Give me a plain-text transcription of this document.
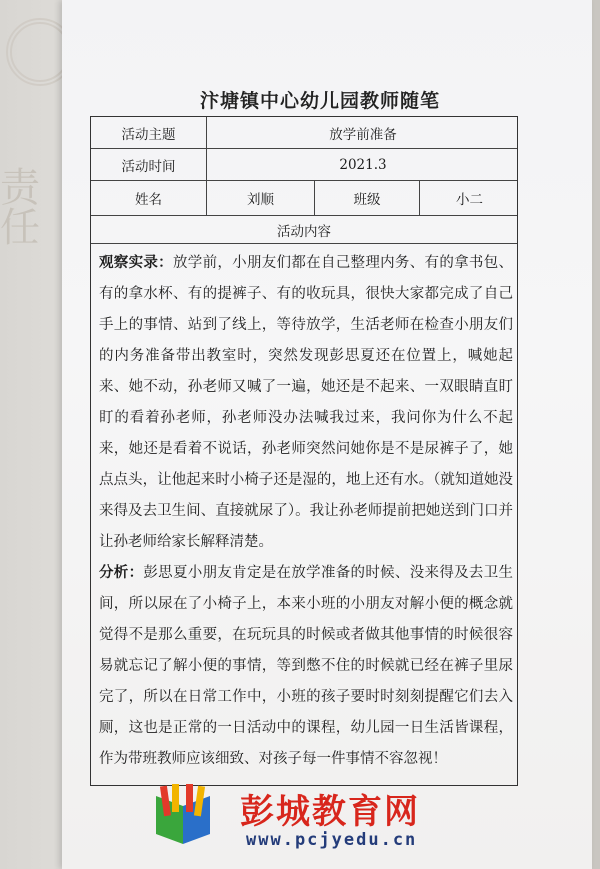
责任
汴塘镇中心幼儿园教师随笔
活动主题	放学前准备
活动时间	2021.3
姓名	刘顺	班级	小二
活动内容

观察实录：放学前，小朋友们都在自己整理内务、有的拿书包、有的拿水杯、有的提裤子、有的收玩具，很快大家都完成了自己手上的事情、站到了线上，等待放学，生活老师在检查小朋友们的内务准备带出教室时，突然发现彭思夏还在位置上，喊她起来、她不动，孙老师又喊了一遍，她还是不起来、一双眼睛直盯盯的看着孙老师，孙老师没办法喊我过来，我问你为什么不起来，她还是看着不说话，孙老师突然问她你是不是尿裤子了，她点点头，让他起来时小椅子还是湿的，地上还有水。（就知道她没来得及去卫生间、直接就尿了）。我让孙老师提前把她送到门口并让孙老师给家长解释清楚。

分析：彭思夏小朋友肯定是在放学准备的时候、没来得及去卫生间，所以尿在了小椅子上，本来小班的小朋友对解小便的概念就觉得不是那么重要，在玩玩具的时候或者做其他事情的时候很容易就忘记了解小便的事情，等到憋不住的时候就已经在裤子里尿完了，所以在日常工作中，小班的孩子要时时刻刻提醒它们去入厕，这也是正常的一日活动中的课程，幼儿园一日生活皆课程，作为带班教师应该细致、对孩子每一件事情不容忽视！

彭城教育网
www.pcjyedu.cn
